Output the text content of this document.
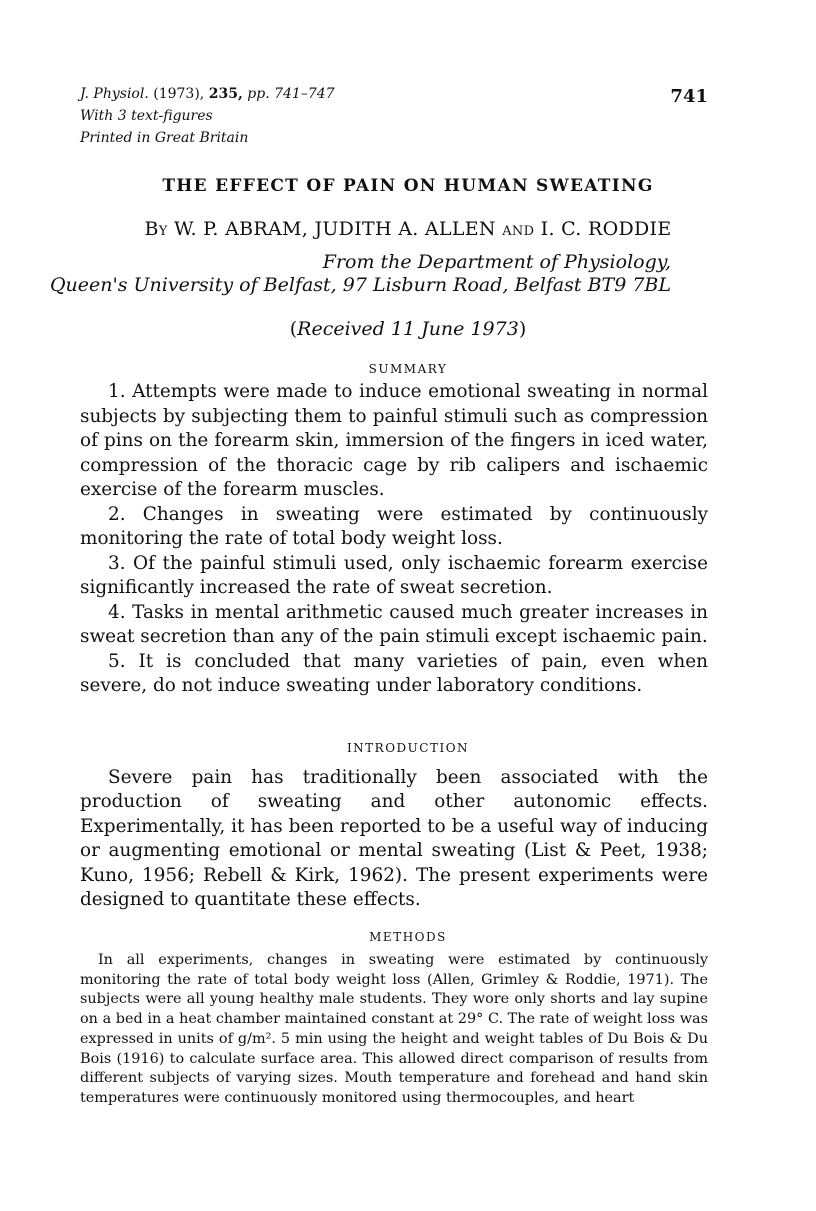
J. Physiol. (1973), 235, pp. 741–747
With 3 text-figures
Printed in Great Britain
741
THE EFFECT OF PAIN ON HUMAN SWEATING
By W. P. ABRAM, JUDITH A. ALLEN and I. C. RODDIE
From the Department of Physiology,
Queen's University of Belfast, 97 Lisburn Road, Belfast BT9 7BL
(Received 11 June 1973)
SUMMARY

1. Attempts were made to induce emotional sweating in normal subjects by subjecting them to painful stimuli such as compression of pins on the forearm skin, immersion of the fingers in iced water, compression of the thoracic cage by rib calipers and ischaemic exercise of the forearm muscles.

2. Changes in sweating were estimated by continuously monitoring the rate of total body weight loss.

3. Of the painful stimuli used, only ischaemic forearm exercise significantly increased the rate of sweat secretion.

4. Tasks in mental arithmetic caused much greater increases in sweat secretion than any of the pain stimuli except ischaemic pain.

5. It is concluded that many varieties of pain, even when severe, do not induce sweating under laboratory conditions.

INTRODUCTION

Severe pain has traditionally been associated with the production of sweating and other autonomic effects. Experimentally, it has been reported to be a useful way of inducing or augmenting emotional or mental sweating (List & Peet, 1938; Kuno, 1956; Rebell & Kirk, 1962). The present experiments were designed to quantitate these effects.

METHODS

In all experiments, changes in sweating were estimated by continuously monitoring the rate of total body weight loss (Allen, Grimley & Roddie, 1971). The subjects were all young healthy male students. They wore only shorts and lay supine on a bed in a heat chamber maintained constant at 29° C. The rate of weight loss was expressed in units of g/m². 5 min using the height and weight tables of Du Bois & Du Bois (1916) to calculate surface area. This allowed direct comparison of results from different subjects of varying sizes. Mouth temperature and forehead and hand skin temperatures were continuously monitored using thermocouples, and heart
